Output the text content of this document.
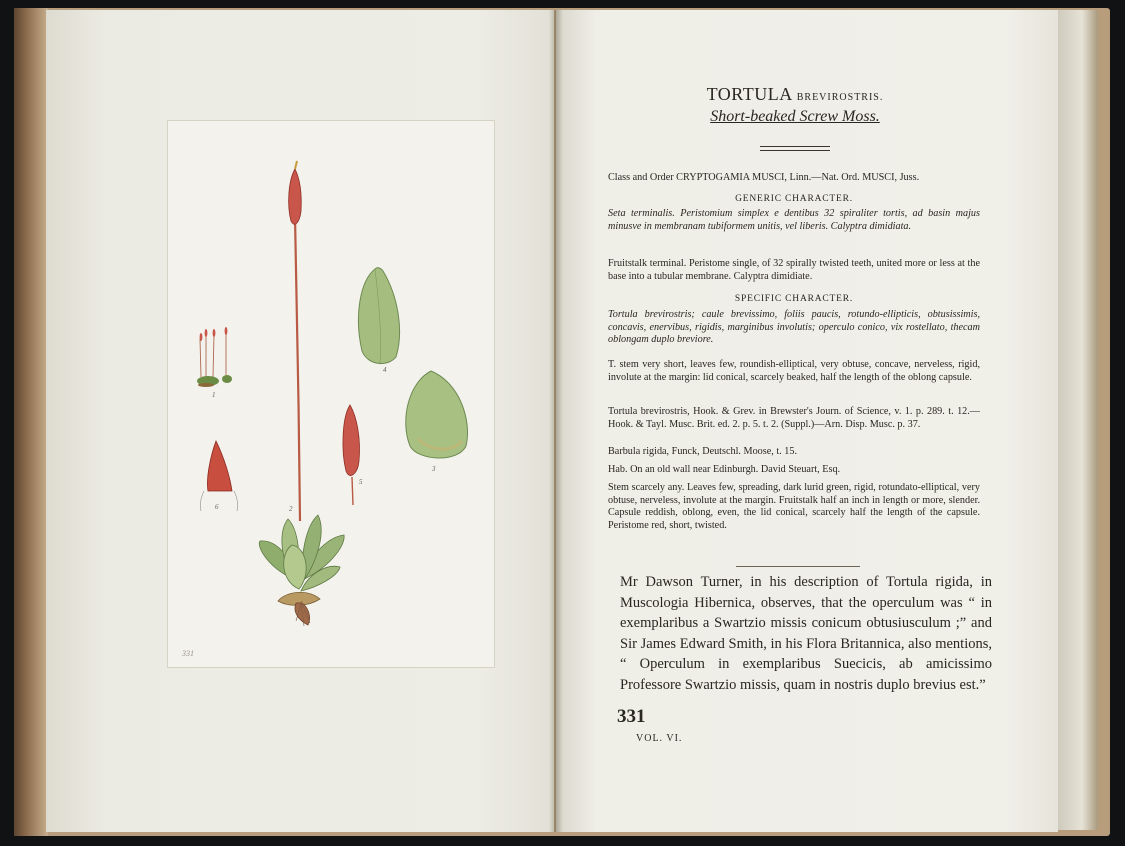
1
2
3
4
5
6
331
TORTULA BREVIROSTRIS.
Short-beaked Screw Moss.
Class and Order CRYPTOGAMIA MUSCI, Linn.—Nat. Ord. MUSCI, Juss.
GENERIC CHARACTER.
Seta terminalis. Peristomium simplex e dentibus 32 spiraliter tortis, ad basin majus minusve in membranam tubiformem unitis, vel liberis. Calyptra dimidiata.
Fruitstalk terminal. Peristome single, of 32 spirally twisted teeth, united more or less at the base into a tubular membrane. Calyptra dimidiate.
SPECIFIC CHARACTER.
Tortula brevirostris; caule brevissimo, foliis paucis, rotundo-ellipticis, obtusissimis, concavis, enervibus, rigidis, marginibus involutis; operculo conico, vix rostellato, thecam oblongam duplo breviore.
T. stem very short, leaves few, roundish-elliptical, very obtuse, concave, nerveless, rigid, involute at the margin: lid conical, scarcely beaked, half the length of the oblong capsule.
Tortula brevirostris, Hook. & Grev. in Brewster's Journ. of Science, v. 1. p. 289. t. 12.—Hook. & Tayl. Musc. Brit. ed. 2. p. 5. t. 2. (Suppl.)—Arn. Disp. Musc. p. 37.
Barbula rigida, Funck, Deutschl. Moose, t. 15.
Hab. On an old wall near Edinburgh. David Steuart, Esq.
Stem scarcely any. Leaves few, spreading, dark lurid green, rigid, rotundato-elliptical, very obtuse, nerveless, involute at the margin. Fruitstalk half an inch in length or more, slender. Capsule reddish, oblong, even, the lid conical, scarcely half the length of the capsule. Peristome red, short, twisted.
Mr Dawson Turner, in his description of Tortula rigida, in Muscologia Hibernica, observes, that the operculum was “ in exemplaribus a Swartzio missis conicum obtusiusculum ;” and Sir James Edward Smith, in his Flora Britannica, also mentions, “ Operculum in exemplaribus Suecicis, ab amicissimo Professore Swartzio missis, quam in nostris duplo brevius est.”
331
VOL. VI.
